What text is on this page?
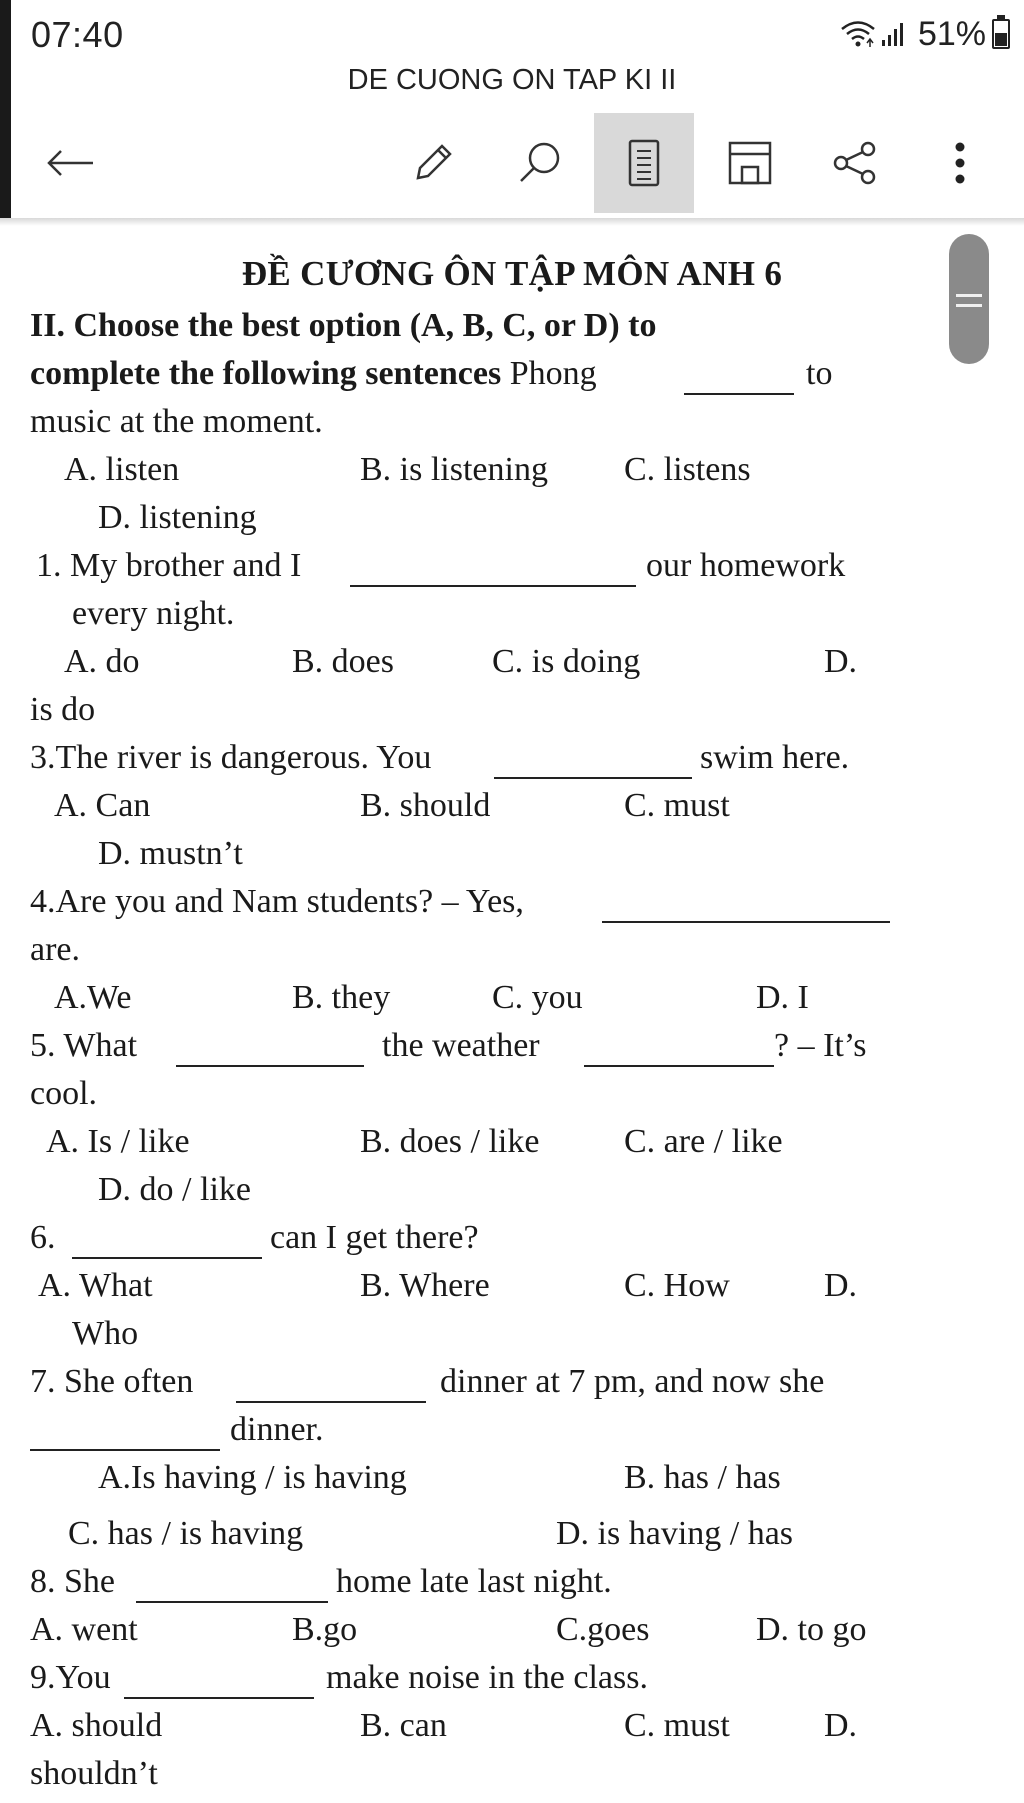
07:40	51%
DE CUONG ON TAP KI II
ĐỀ CƯƠNG ÔN TẬP MÔN ANH 6
II. Choose the best option (A, B, C, or D) to
complete the following sentences Phong	to
music at the moment.
A. listen	B. is listening C. listens
D. listening
1. My brother and I	our homework
every night.
A. do	B. does	C. is doing	D.
is do
3.The river is dangerous. You	swim here.
A. Can	B. should	C. must
D. mustn’t
4.Are you and Nam students? – Yes,
are.
A.We	B. they	C. you	D. I
5. What	the weather	? – It’s
cool.
A. Is / like	B. does / like C. are / like
D. do / like
6.	can I get there?
A. What	B. Where	C. How	D.
Who
7. She often	dinner at 7 pm, and now she
dinner.
A.Is having / is having	B. has / has
C. has / is having	D. is having / has
8. She	home late last night.
A. went	B.go	C.goes	D. to go
9.You	make noise in the class.
A. should	B. can	C. must	D.
shouldn’t
